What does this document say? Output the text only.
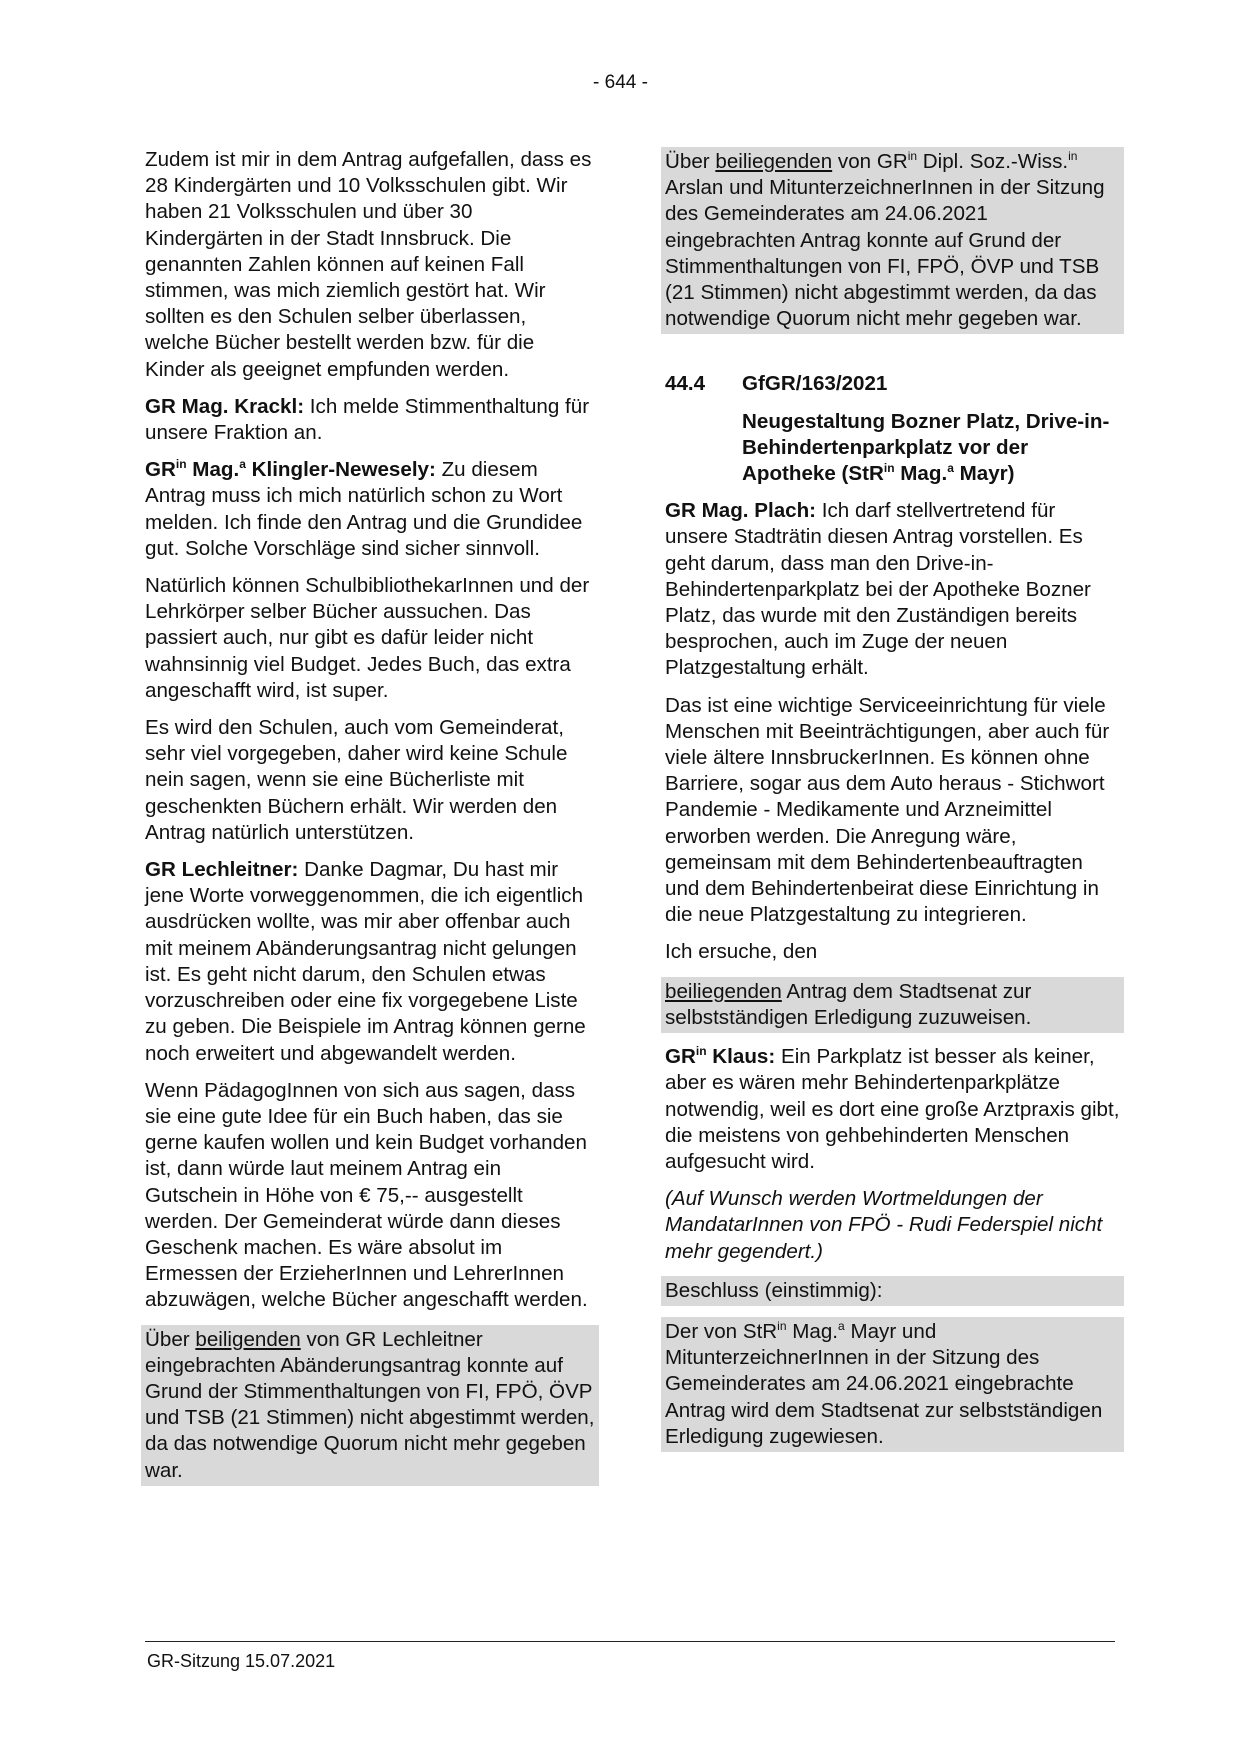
- 644 -

Zudem ist mir in dem Antrag aufgefallen, dass es 28 Kindergärten und 10 Volksschulen gibt. Wir haben 21 Volksschulen und über 30 Kindergärten in der Stadt Innsbruck. Die genannten Zahlen können auf keinen Fall stimmen, was mich ziemlich gestört hat. Wir sollten es den Schulen selber überlassen, welche Bücher bestellt werden bzw. für die Kinder als geeignet empfunden werden.

GR Mag. Krackl: Ich melde Stimmenthaltung für unsere Fraktion an.

$GR^{in}$ Mag.$^a$ Klingler-Newesely: Zu diesem Antrag muss ich mich natürlich schon zu Wort melden. Ich finde den Antrag und die Grundidee gut. Solche Vorschläge sind sicher sinnvoll.

Natürlich können SchulbibliothekarInnen und der Lehrkörper selber Bücher aussuchen. Das passiert auch, nur gibt es dafür leider nicht wahnsinnig viel Budget. Jedes Buch, das extra angeschafft wird, ist super.

Es wird den Schulen, auch vom Gemeinderat, sehr viel vorgegeben, daher wird keine Schule nein sagen, wenn sie eine Bücherliste mit geschenkten Büchern erhält. Wir werden den Antrag natürlich unterstützen.

GR Lechleitner: Danke Dagmar, Du hast mir jene Worte vorweggenommen, die ich eigentlich ausdrücken wollte, was mir aber offenbar auch mit meinem Abänderungsantrag nicht gelungen ist. Es geht nicht darum, den Schulen etwas vorzuschreiben oder eine fix vorgegebene Liste zu geben. Die Beispiele im Antrag können gerne noch erweitert und abgewandelt werden.

Wenn PädagogInnen von sich aus sagen, dass sie eine gute Idee für ein Buch haben, das sie gerne kaufen wollen und kein Budget vorhanden ist, dann würde laut meinem Antrag ein Gutschein in Höhe von € 75,-- ausgestellt werden. Der Gemeinderat würde dann dieses Geschenk machen. Es wäre absolut im Ermessen der ErzieherInnen und LehrerInnen abzuwägen, welche Bücher angeschafft werden.

Über beiligenden von GR Lechleitner eingebrachten Abänderungsantrag konnte auf Grund der Stimmenthaltungen von FI, FPÖ, ÖVP und TSB (21 Stimmen) nicht abgestimmt werden, da das notwendige Quorum nicht mehr gegeben war.

Über beiliegenden von $GR^{in}$ Dipl. Soz.-Wiss.$^{in}$ Arslan und MitunterzeichnerInnen in der Sitzung des Gemeinderates am 24.06.2021 eingebrachten Antrag konnte auf Grund der Stimmenthaltungen von FI, FPÖ, ÖVP und TSB (21 Stimmen) nicht abgestimmt werden, da das notwendige Quorum nicht mehr gegeben war.

44.4	GfGR/163/2021
Neugestaltung Bozner Platz, Drive-in-Behindertenparkplatz vor der Apotheke (StR$^{in}$ Mag.$^a$ Mayr)

GR Mag. Plach: Ich darf stellvertretend für unsere Stadträtin diesen Antrag vorstellen. Es geht darum, dass man den Drive-in-Behindertenparkplatz bei der Apotheke Bozner Platz, das wurde mit den Zuständigen bereits besprochen, auch im Zuge der neuen Platzgestaltung erhält.

Das ist eine wichtige Serviceeinrichtung für viele Menschen mit Beeinträchtigungen, aber auch für viele ältere InnsbruckerInnen. Es können ohne Barriere, sogar aus dem Auto heraus - Stichwort Pandemie - Medikamente und Arzneimittel erworben werden. Die Anregung wäre, gemeinsam mit dem Behindertenbeauftragten und dem Behindertenbeirat diese Einrichtung in die neue Platzgestaltung zu integrieren.

Ich ersuche, den

beiliegenden Antrag dem Stadtsenat zur selbstständigen Erledigung zuzuweisen.

$GR^{in}$ Klaus: Ein Parkplatz ist besser als keiner, aber es wären mehr Behindertenparkplätze notwendig, weil es dort eine große Arztpraxis gibt, die meistens von gehbehinderten Menschen aufgesucht wird.

(Auf Wunsch werden Wortmeldungen der MandatarInnen von FPÖ - Rudi Federspiel nicht mehr gegendert.)

Beschluss (einstimmig):

Der von StR$^{in}$ Mag.$^a$ Mayr und MitunterzeichnerInnen in der Sitzung des Gemeinderates am 24.06.2021 eingebrachte Antrag wird dem Stadtsenat zur selbstständigen Erledigung zugewiesen.

GR-Sitzung 15.07.2021
